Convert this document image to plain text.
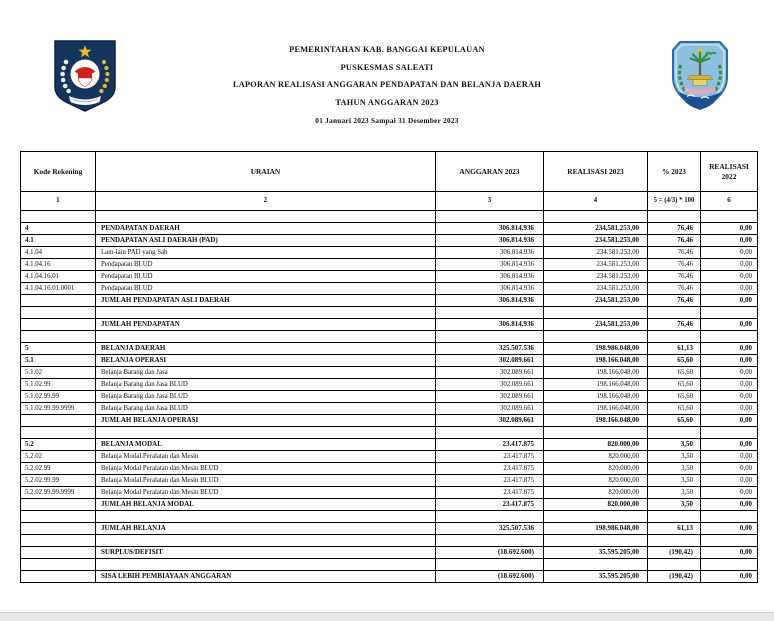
PEMERINTAHAN KAB. BANGGAI KEPULAUAN
PUSKESMAS SALEATI
LAPORAN REALISASI ANGGARAN PENDAPATAN DAN BELANJA DAERAH
TAHUN ANGGARAN 2023
01 Januari 2023 Sampai 31 Desember 2023
Kode Rekening	URAIAN	ANGGARAN 2023	REALISASI 2023	% 2023	REALISASI 2022
1	2	3	4	5 = (4/3) * 100	6

4	PENDAPATAN DAERAH	306.814.936	234.581.253,00	76,46	0,00
4.1	PENDAPATAN ASLI DAERAH (PAD)	306.814.936	234.581.253,00	76,46	0,00
4.1.04	Lain-lain PAD yang Sah	306.814.936	234.581.253,00	76,46	0,00
4.1.04.16	Pendapatan BLUD	306.814.936	234.581.253,00	76,46	0,00
4.1.04.16.01	Pendapatan BLUD	306.814.936	234.581.253,00	76,46	0,00
4.1.04.16.01.0001	Pendapatan BLUD	306.814.936	234.581.253,00	76,46	0,00
	JUMLAH PENDAPATAN ASLI DAERAH	306.814.936	234.581.253,00	76,46	0,00

	JUMLAH PENDAPATAN	306.814.936	234.581.253,00	76,46	0,00

5	BELANJA DAERAH	325.507.536	198.986.048,00	61,13	0,00
5.1	BELANJA OPERASI	302.089.661	198.166.048,00	65,60	0,00
5.1.02	Belanja Barang dan Jasa	302.089.661	198.166.048,00	65,60	0,00
5.1.02.99	Belanja Barang dan Jasa BLUD	302.089.661	198.166.048,00	65,60	0,00
5.1.02.99.99	Belanja Barang dan Jasa BLUD	302.089.661	198.166.048,00	65,60	0,00
5.1.02.99.99.9999	Belanja Barang dan Jasa BLUD	302.089.661	198.166.048,00	65,60	0,00
	JUMLAH BELANJA OPERASI	302.089.661	198.166.048,00	65,60	0,00

5.2	BELANJA MODAL	23.417.875	820.000,00	3,50	0,00
5.2.02	Belanja Modal Peralatan dan Mesin	23.417.875	820.000,00	3,50	0,00
5.2.02.99	Belanja Modal Peralatan dan Mesin BLUD	23.417.875	820.000,00	3,50	0,00
5.2.02.99.99	Belanja Modal Peralatan dan Mesin BLUD	23.417.875	820.000,00	3,50	0,00
5.2.02.99.99.9999	Belanja Modal Peralatan dan Mesin BLUD	23.417.875	820.000,00	3,50	0,00
	JUMLAH BELANJA MODAL	23.417.875	820.000,00	3,50	0,00

	JUMLAH BELANJA	325.507.536	198.986.048,00	61,13	0,00

	SURPLUS/DEFISIT	(18.692.600)	35.595.205,00	(190,42)	0,00

	SISA LEBIH PEMBIAYAAN ANGGARAN	(18.692.600)	35.595.205,00	(190,42)	0,00
